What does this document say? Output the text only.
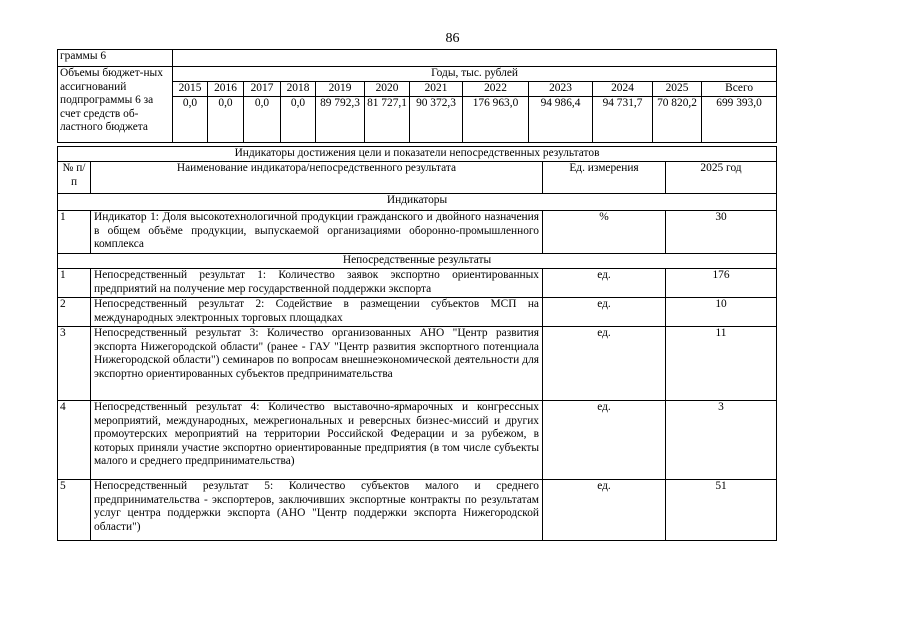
86
граммы 6												
Объемы бюджет-ных ассигнований подпрограммы 6 за счет средств об-ластного бюджета	Годы, тыс. рублей											
	2015	2016	2017	2018	2019	2020	2021	2022	2023	2024	2025	Всего
	0,0	0,0	0,0	0,0	89 792,3	81 727,1	90 372,3	176 963,0	94 986,4	94 731,7	70 820,2	699 393,0
Индикаторы достижения цели и показатели непосредственных результатов			
№ п/п	Наименование индикатора/непосредственного результата	Ед. измерения	2025 год
Индикаторы			
1	Индикатор 1: Доля высокотехнологичной продукции гражданского и двойного назначения в общем объёме продукции, выпускаемой организациями оборонно-промышленного комплекса	%	30
Непосредственные результаты			
1	Непосредственный результат 1: Количество заявок экспортно ориентированных предприятий на получение мер государственной поддержки экспорта	ед.	176
2	Непосредственный результат 2: Содействие в размещении субъектов МСП на международных электронных торговых площадках	ед.	10
3	Непосредственный результат 3: Количество организованных АНО "Центр развития экспорта Нижегородской области" (ранее - ГАУ "Центр развития экспортного потенциала Нижегородской области") семинаров по вопросам внешнеэкономической деятельности для экспортно ориентированных субъектов предпринимательства	ед.	11
4	Непосредственный результат 4: Количество выставочно-ярмарочных и конгрессных мероприятий, международных, межрегиональных и реверсных бизнес-миссий и других промоутерских мероприятий на территории Российской Федерации и за рубежом, в которых приняли участие экспортно ориентированные предприятия (в том числе субъекты малого и среднего предпринимательства)	ед.	3
5	Непосредственный результат 5: Количество субъектов малого и среднего предпринимательства - экспортеров, заключивших экспортные контракты по результатам услуг центра поддержки экспорта (АНО "Центр поддержки экспорта Нижегородской области")	ед.	51
